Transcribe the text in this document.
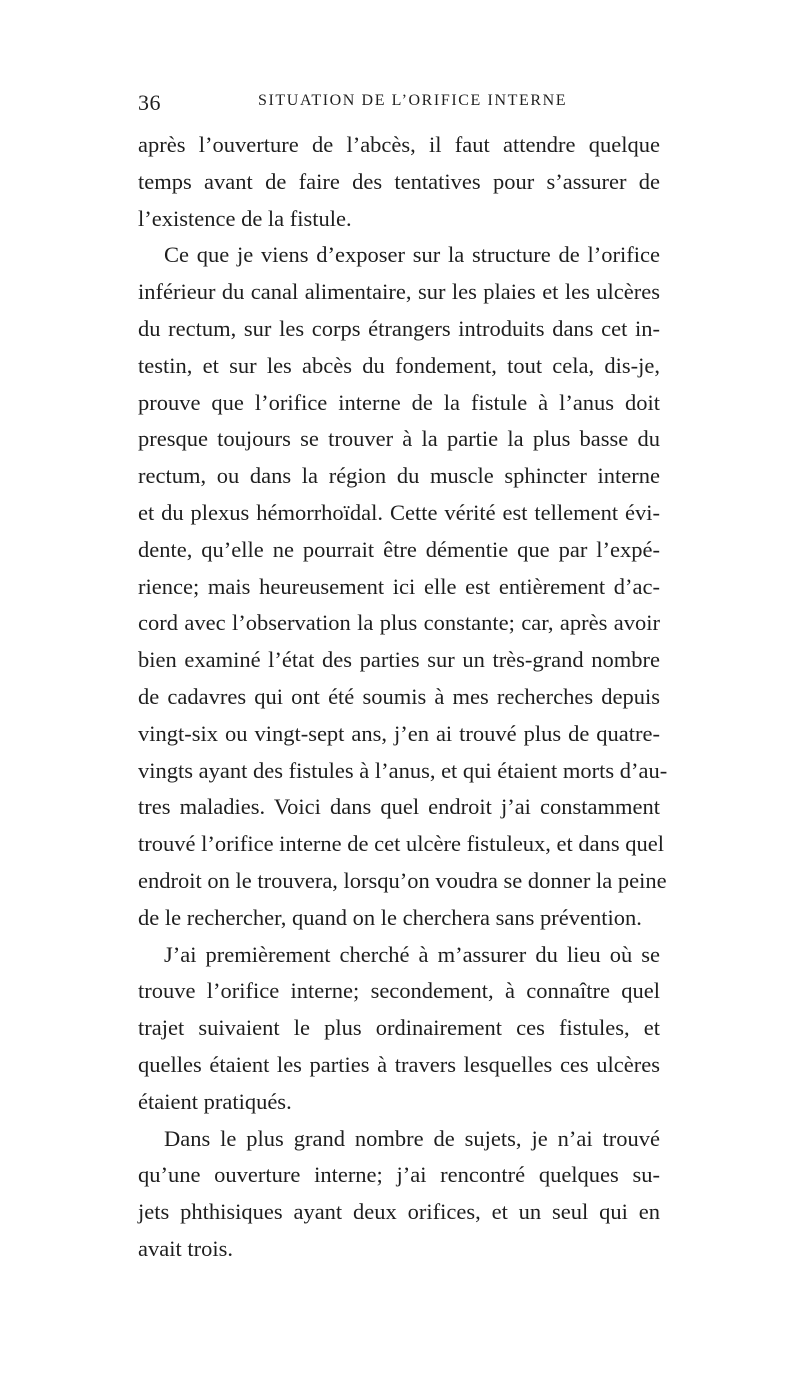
36	SITUATION DE L’ORIFICE INTERNE
après l’ouverture de l’abcès, il faut attendre quelque
temps avant de faire des tentatives pour s’assurer de
l’existence de la fistule.
Ce que je viens d’exposer sur la structure de l’orifice
inférieur du canal alimentaire, sur les plaies et les ulcères
du rectum, sur les corps étrangers introduits dans cet in-
testin, et sur les abcès du fondement, tout cela, dis-je,
prouve que l’orifice interne de la fistule à l’anus doit
presque toujours se trouver à la partie la plus basse du
rectum, ou dans la région du muscle sphincter interne
et du plexus hémorrhoïdal. Cette vérité est tellement évi-
dente, qu’elle ne pourrait être démentie que par l’expé-
rience; mais heureusement ici elle est entièrement d’ac-
cord avec l’observation la plus constante; car, après avoir
bien examiné l’état des parties sur un très-grand nombre
de cadavres qui ont été soumis à mes recherches depuis
vingt-six ou vingt-sept ans, j’en ai trouvé plus de quatre-
vingts ayant des fistules à l’anus, et qui étaient morts d’au-
tres maladies. Voici dans quel endroit j’ai constamment
trouvé l’orifice interne de cet ulcère fistuleux, et dans quel
endroit on le trouvera, lorsqu’on voudra se donner la peine
de le rechercher, quand on le cherchera sans prévention.
J’ai premièrement cherché à m’assurer du lieu où se
trouve l’orifice interne; secondement, à connaître quel
trajet suivaient le plus ordinairement ces fistules, et
quelles étaient les parties à travers lesquelles ces ulcères
étaient pratiqués.
Dans le plus grand nombre de sujets, je n’ai trouvé
qu’une ouverture interne; j’ai rencontré quelques su-
jets phthisiques ayant deux orifices, et un seul qui en
avait trois.
